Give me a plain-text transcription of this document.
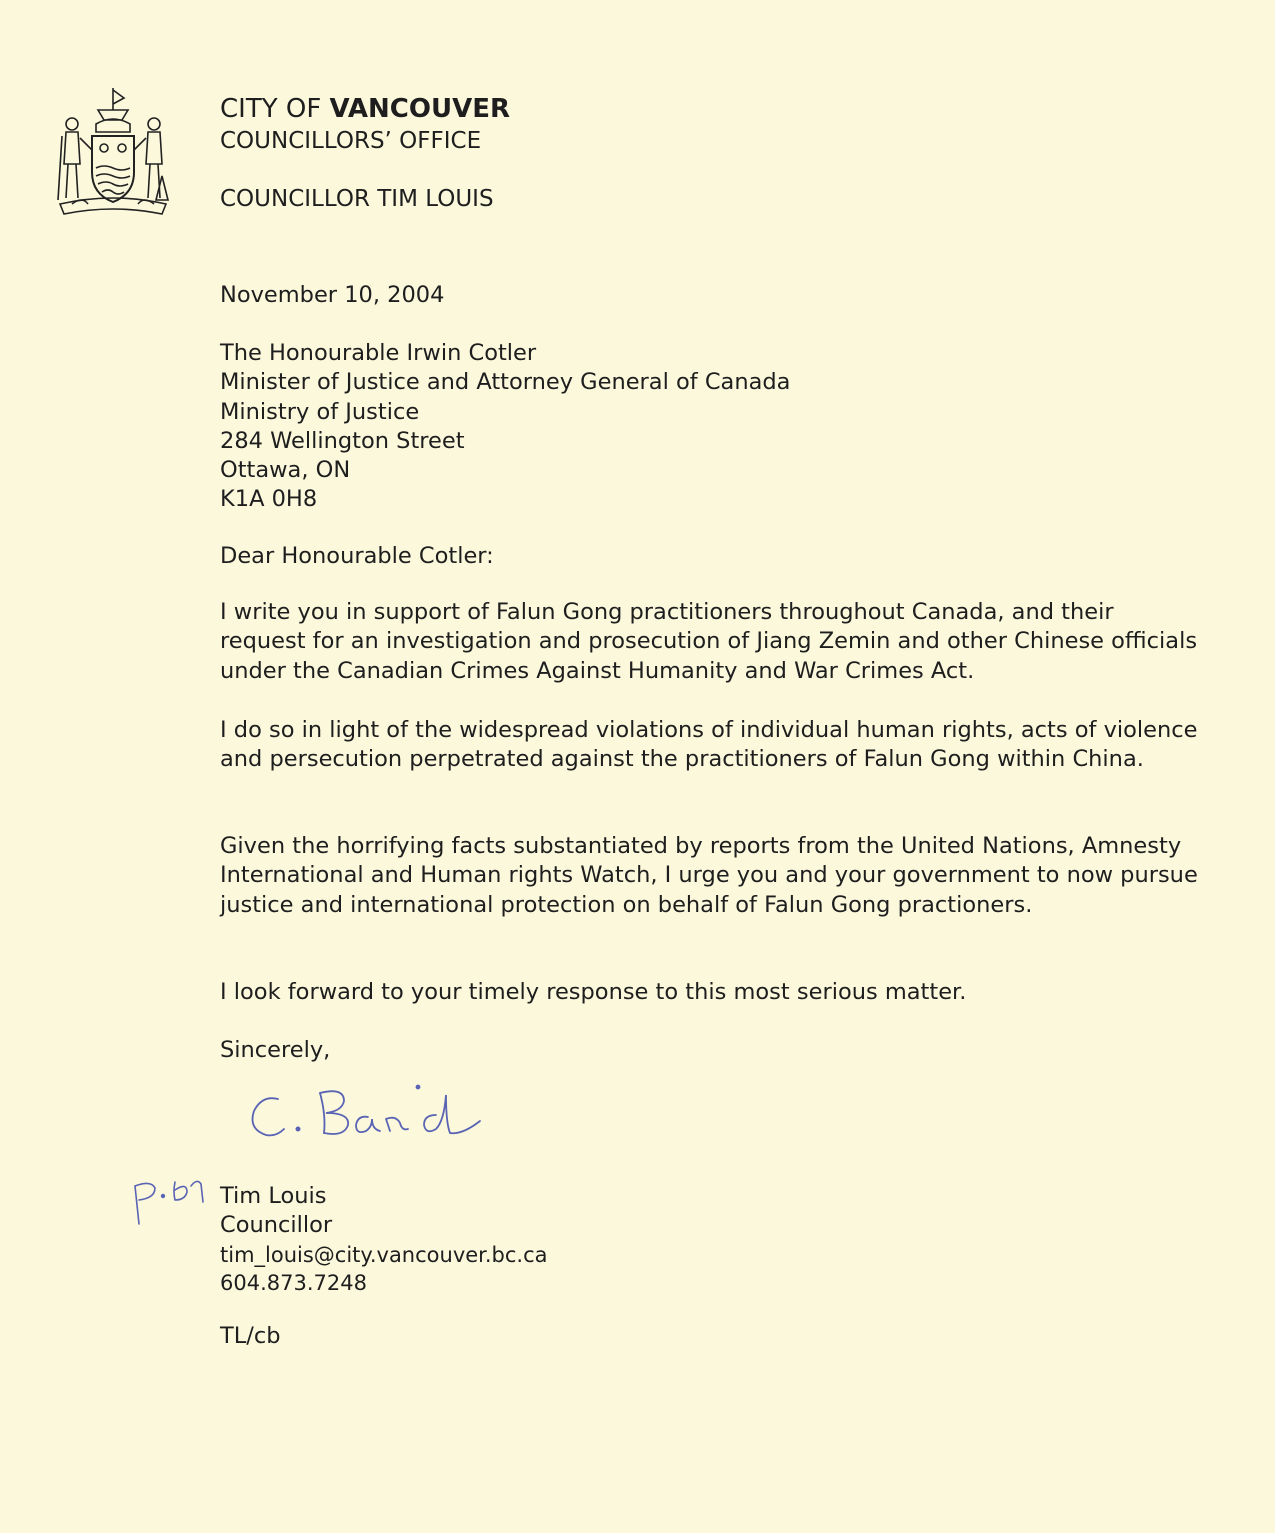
CITY OF VANCOUVER
COUNCILLORS’ OFFICE
COUNCILLOR TIM LOUIS
November 10, 2004
The Honourable Irwin Cotler
Minister of Justice and Attorney General of Canada
Ministry of Justice
284 Wellington Street
Ottawa, ON
K1A 0H8
Dear Honourable Cotler:
I write you in support of Falun Gong practitioners throughout Canada, and their request for an investigation and prosecution of Jiang Zemin and other Chinese officials under the Canadian Crimes Against Humanity and War Crimes Act.
I do so in light of the widespread violations of individual human rights, acts of violence and persecution perpetrated against the practitioners of Falun Gong within China.
Given the horrifying facts substantiated by reports from the United Nations, Amnesty International and Human rights Watch, I urge you and your government to now pursue justice and international protection on behalf of Falun Gong practioners.
I look forward to your timely response to this most serious matter.
Sincerely,
Tim Louis
Councillor
tim_louis@city.vancouver.bc.ca
604.873.7248
TL/cb
